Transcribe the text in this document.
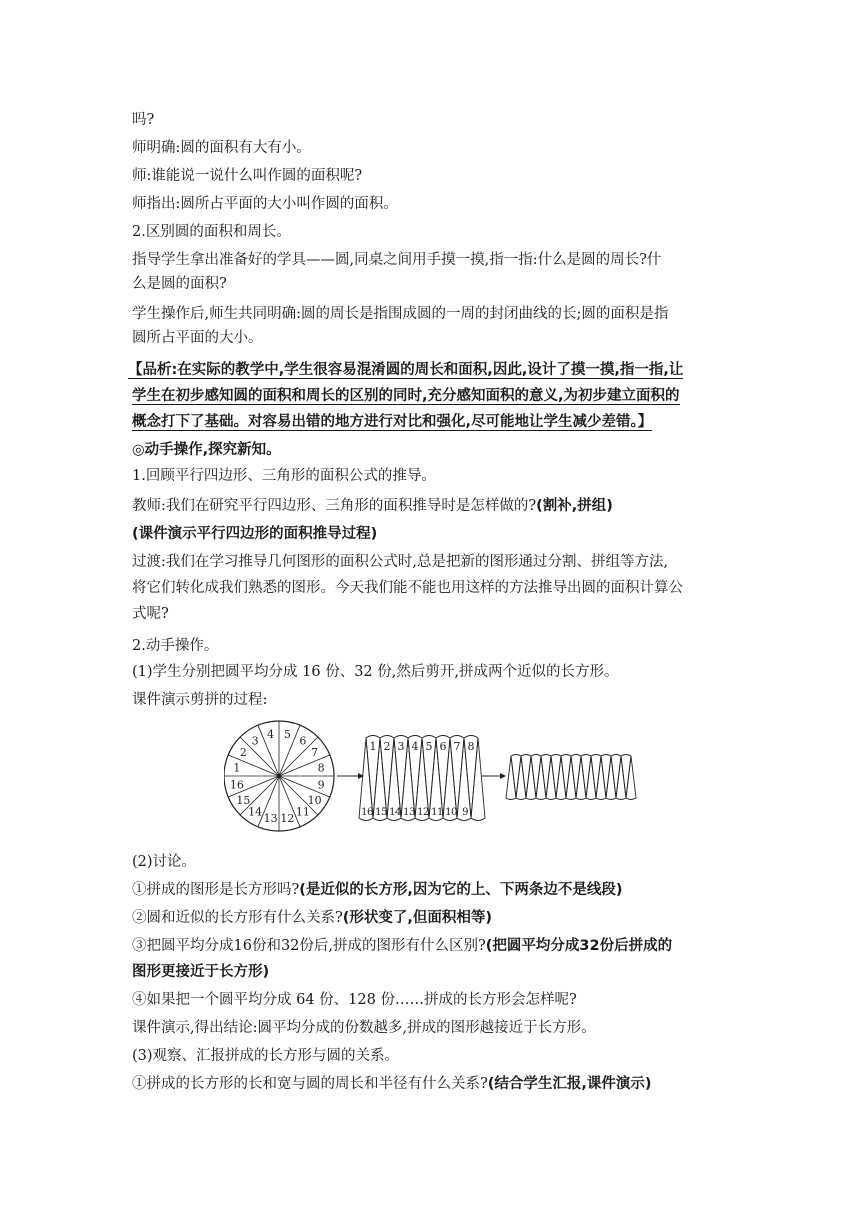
吗?
师明确:圆的面积有大有小。
师:谁能说一说什么叫作圆的面积呢?
师指出:圆所占平面的大小叫作圆的面积。
2.区别圆的面积和周长。
指导学生拿出准备好的学具——圆,同桌之间用手摸一摸,指一指:什么是圆的周长?什
么是圆的面积?
学生操作后,师生共同明确:圆的周长是指围成圆的一周的封闭曲线的长;圆的面积是指
圆所占平面的大小。
【品析:在实际的教学中,学生很容易混淆圆的周长和面积,因此,设计了摸一摸,指一指,让
学生在初步感知圆的面积和周长的区别的同时,充分感知面积的意义,为初步建立面积的
概念打下了基础。对容易出错的地方进行对比和强化,尽可能地让学生减少差错。】
◎动手操作,探究新知。
1.回顾平行四边形、三角形的面积公式的推导。
教师:我们在研究平行四边形、三角形的面积推导时是怎样做的?(割补,拼组)
(课件演示平行四边形的面积推导过程)
过渡:我们在学习推导几何图形的面积公式时,总是把新的图形通过分割、拼组等方法,
将它们转化成我们熟悉的图形。今天我们能不能也用这样的方法推导出圆的面积计算公
式呢?
2.动手操作。
(1)学生分别把圆平均分成 16 份、32 份,然后剪开,拼成两个近似的长方形。
课件演示剪拼的过程:
1
2
3 4 5 6
7
8
9
10
11
12
13
14
15
16
1
16
2
15
3
14
4
13
5
12
6
11
7
10
8
9
(2)讨论。
①拼成的图形是长方形吗?(是近似的长方形,因为它的上、下两条边不是线段)
②圆和近似的长方形有什么关系?(形状变了,但面积相等)
③把圆平均分成16份和32份后,拼成的图形有什么区别?(把圆平均分成32份后拼成的
图形更接近于长方形)
④如果把一个圆平均分成 64 份、128 份……拼成的长方形会怎样呢?
课件演示,得出结论:圆平均分成的份数越多,拼成的图形越接近于长方形。
(3)观察、汇报拼成的长方形与圆的关系。
①拼成的长方形的长和宽与圆的周长和半径有什么关系?(结合学生汇报,课件演示)
